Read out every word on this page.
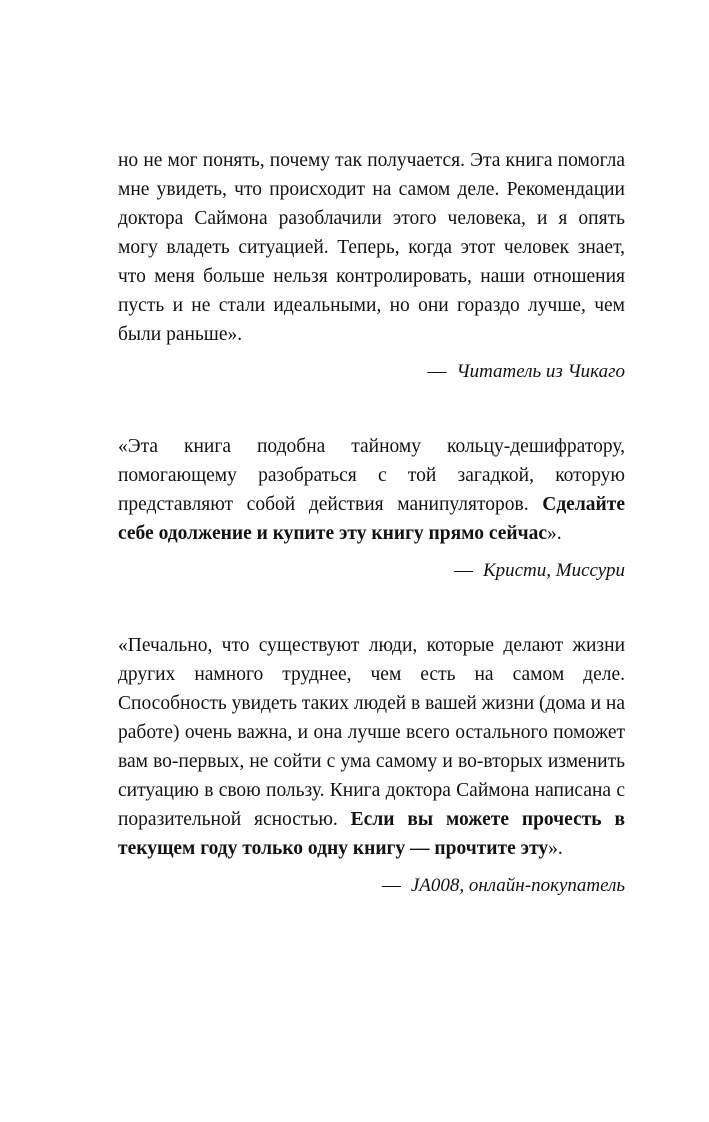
но не мог понять, почему так получается. Эта книга помогла мне увидеть, что происходит на самом деле. Рекомендации доктора Саймона разоблачили этого человека, и я опять могу владеть ситуацией. Теперь, когда этот человек знает, что меня больше нельзя контролировать, наши отношения пусть и не стали идеальными, но они гораздо лучше, чем были раньше».

— Читатель из Чикаго

«Эта книга подобна тайному кольцу-дешифратору, помогающему разобраться с той загадкой, которую представляют собой действия манипуляторов. Сделайте себе одолжение и купите эту книгу прямо сейчас».

— Кристи, Миссури

«Печально, что существуют люди, которые делают жизни других намного труднее, чем есть на самом деле. Способность увидеть таких людей в вашей жизни (дома и на работе) очень важна, и она лучше всего остального поможет вам во-первых, не сойти с ума самому и во-вторых изменить ситуацию в свою пользу. Книга доктора Саймона написана с поразительной ясностью. Если вы можете прочесть в текущем году только одну книгу — прочтите эту».

— JA008, онлайн-покупатель
